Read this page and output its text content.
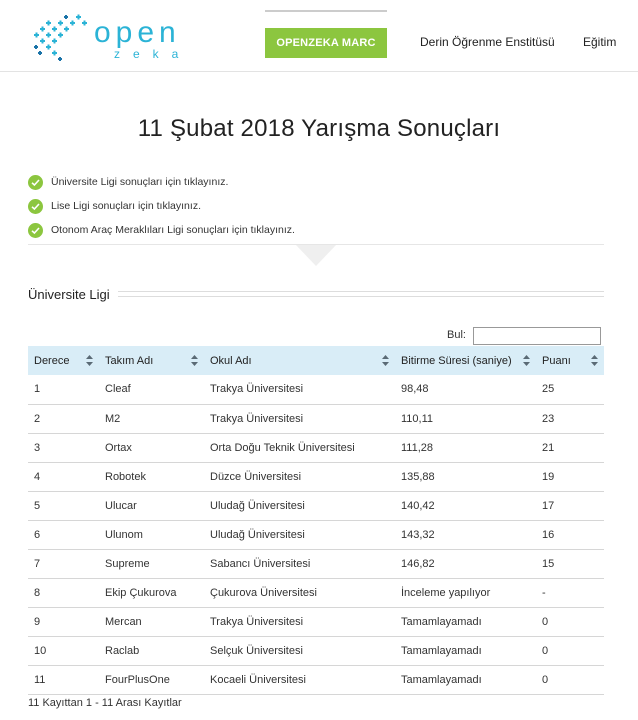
open
zeka
OPENZEKA MARC	Derin Öğrenme Enstitüsü Eğitim
11 Şubat 2018 Yarışma Sonuçları
Üniversite Ligi sonuçları için tıklayınız.
Lise Ligi sonuçları için tıklayınız.
Otonom Araç Meraklıları Ligi sonuçları için tıklayınız.
Üniversite Ligi
Bul:
Derece	Takım Adı	Okul Adı	Bitirme Süresi (saniye)	Puanı

1	Cleaf	Trakya Üniversitesi	98,48	25
2	M2	Trakya Üniversitesi	110,11	23
3	Ortax	Orta Doğu Teknik Üniversitesi	111,28	21
4	Robotek	Düzce Üniversitesi	135,88	19
5	Ulucar	Uludağ Üniversitesi	140,42	17
6	Ulunom	Uludağ Üniversitesi	143,32	16
7	Supreme	Sabancı Üniversitesi	146,82	15
8	Ekip Çukurova	Çukurova Üniversitesi	İnceleme yapılıyor	-
9	Mercan	Trakya Üniversitesi	Tamamlayamadı	0
10	Raclab	Selçuk Üniversitesi	Tamamlayamadı	0
11	FourPlusOne	Kocaeli Üniversitesi	Tamamlayamadı	0
11 Kayıttan 1 - 11 Arası Kayıtlar
